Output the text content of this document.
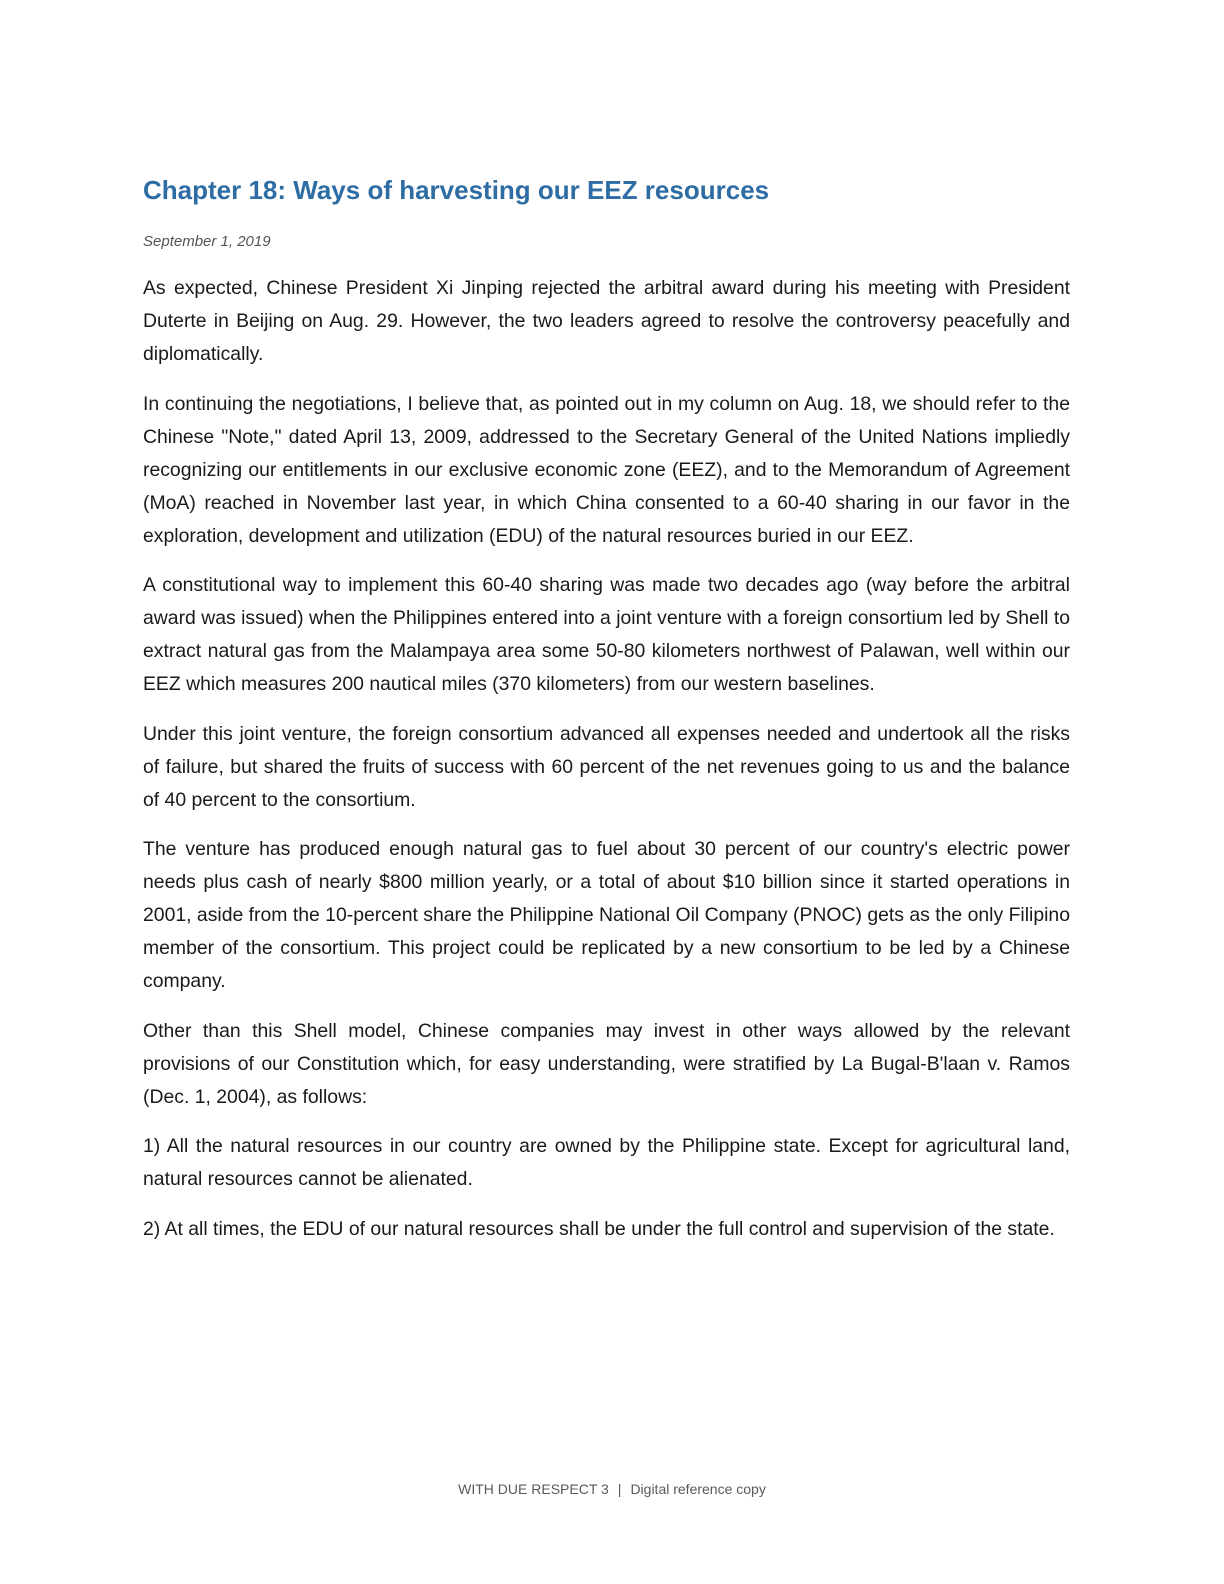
Chapter 18: Ways of harvesting our EEZ resources
September 1, 2019

As expected, Chinese President Xi Jinping rejected the arbitral award during his meeting with President Duterte in Beijing on Aug. 29. However, the two leaders agreed to resolve the controversy peacefully and diplomatically.

In continuing the negotiations, I believe that, as pointed out in my column on Aug. 18, we should refer to the Chinese "Note," dated April 13, 2009, addressed to the Secretary General of the United Nations impliedly recognizing our entitlements in our exclusive economic zone (EEZ), and to the Memorandum of Agreement (MoA) reached in November last year, in which China consented to a 60-40 sharing in our favor in the exploration, development and utilization (EDU) of the natural resources buried in our EEZ.

A constitutional way to implement this 60-40 sharing was made two decades ago (way before the arbitral award was issued) when the Philippines entered into a joint venture with a foreign consortium led by Shell to extract natural gas from the Malampaya area some 50-80 kilometers northwest of Palawan, well within our EEZ which measures 200 nautical miles (370 kilometers) from our western baselines.

Under this joint venture, the foreign consortium advanced all expenses needed and undertook all the risks of failure, but shared the fruits of success with 60 percent of the net revenues going to us and the balance of 40 percent to the consortium.

The venture has produced enough natural gas to fuel about 30 percent of our country's electric power needs plus cash of nearly $800 million yearly, or a total of about $10 billion since it started operations in 2001, aside from the 10-percent share the Philippine National Oil Company (PNOC) gets as the only Filipino member of the consortium. This project could be replicated by a new consortium to be led by a Chinese company.

Other than this Shell model, Chinese companies may invest in other ways allowed by the relevant provisions of our Constitution which, for easy understanding, were stratified by La Bugal-B'laan v. Ramos (Dec. 1, 2004), as follows:

1) All the natural resources in our country are owned by the Philippine state. Except for agricultural land, natural resources cannot be alienated.

2) At all times, the EDU of our natural resources shall be under the full control and supervision of the state.

WITH DUE RESPECT 3 | Digital reference copy
